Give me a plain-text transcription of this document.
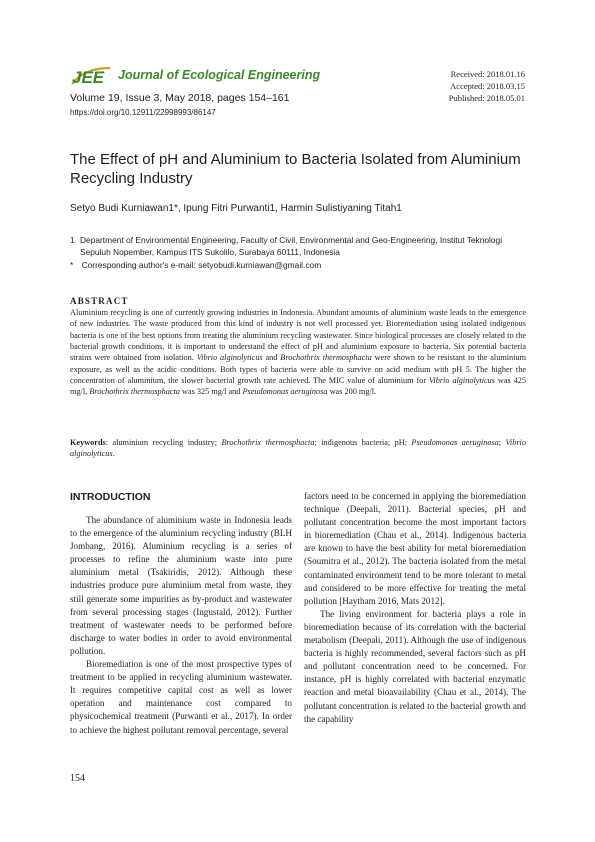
JEE Journal of Ecological Engineering
Volume 19, Issue 3, May 2018, pages 154–161
https://doi.org/10.12911/22998993/86147
Received: 2018.01.16
Accepted: 2018.03.15
Published: 2018.05.01
The Effect of pH and Aluminium to Bacteria Isolated from Aluminium Recycling Industry
Setyo Budi Kurniawan1*, Ipung Fitri Purwanti1, Harmin Sulistiyaning Titah1
1 Department of Environmental Engineering, Faculty of Civil, Environmental and Geo-Engineering, Institut Teknologi Sepuluh Nopember, Kampus ITS Sukolilo, Surabaya 60111, Indonesia
* Corresponding author's e-mail: setyobudi.kurniawan@gmail.com
ABSTRACT
Aluminium recycling is one of currently growing industries in Indonesia. Abundant amounts of aluminium waste leads to the emergence of new industries. The waste produced from this kind of industry is not well processed yet. Bioremediation using isolated indigenous bacteria is one of the best options from treating the aluminium recycling wastewater. Since biological processes are closely related to the bacterial growth conditions, it is important to understand the effect of pH and aluminium exposure to bacteria. Six potential bacteria strains were obtained from isolation. Vibrio alginolyticus and Brochothrix thermosphacta were shown to be resistant to the aluminium exposure, as well as the acidic conditions. Both types of bacteria were able to survive on acid medium with pH 5. The higher the concentration of aluminium, the slower bacterial growth rate achieved. The MIC value of aluminium for Vibrio alginolyticus was 425 mg/l, Brochothrix thermosphacta was 325 mg/l and Pseudomonas aeruginosa was 200 mg/l.
Keywords: aluminium recycling industry; Brochothrix thermosphacta; indigenous bacteria; pH; Pseudomonas aeruginosa; Vibrio alginolyticus.
INTRODUCTION

The abundance of aluminium waste in Indonesia leads to the emergence of the aluminium recycling industry (BLH Jombang, 2016). Aluminium recycling is a series of processes to refine the aluminium waste into pure aluminium metal (Tsakiridis, 2012). Although these industries produce pure aluminium metal from waste, they still generate some impurities as by-product and wastewater from several processing stages (Ingustald, 2012). Further treatment of wastewater needs to be performed before discharge to water bodies in order to avoid environmental pollution.

Bioremediation is one of the most prospective types of treatment to be applied in recycling aluminium wastewater. It requires competitive capital cost as well as lower operation and maintenance cost compared to physicochemical treatment (Purwanti et al., 2017). In order to achieve the highest pollutant removal percentage, several

factors need to be concerned in applying the bioremediation technique (Deepali, 2011). Bacterial species, pH and pollutant concentration become the most important factors in bioremediation (Chau et al., 2014). Indigenous bacteria are known to have the best ability for metal bioremediation (Soumitra et al., 2012). The bacteria isolated from the metal contaminated environment tend to be more tolerant to metal and considered to be more effective for treating the metal pollution [Haytham 2016, Mats 2012].

The living environment for bacteria plays a role in bioremediation because of its correlation with the bacterial metabolism (Deepali, 2011). Although the use of indigenous bacteria is highly recommended, several factors such as pH and pollutant concentration need to be concerned. For instance, pH is highly correlated with bacterial enzymatic reaction and metal bioavailability (Chau et al., 2014). The pollutant concentration is related to the bacterial growth and the capability

154
